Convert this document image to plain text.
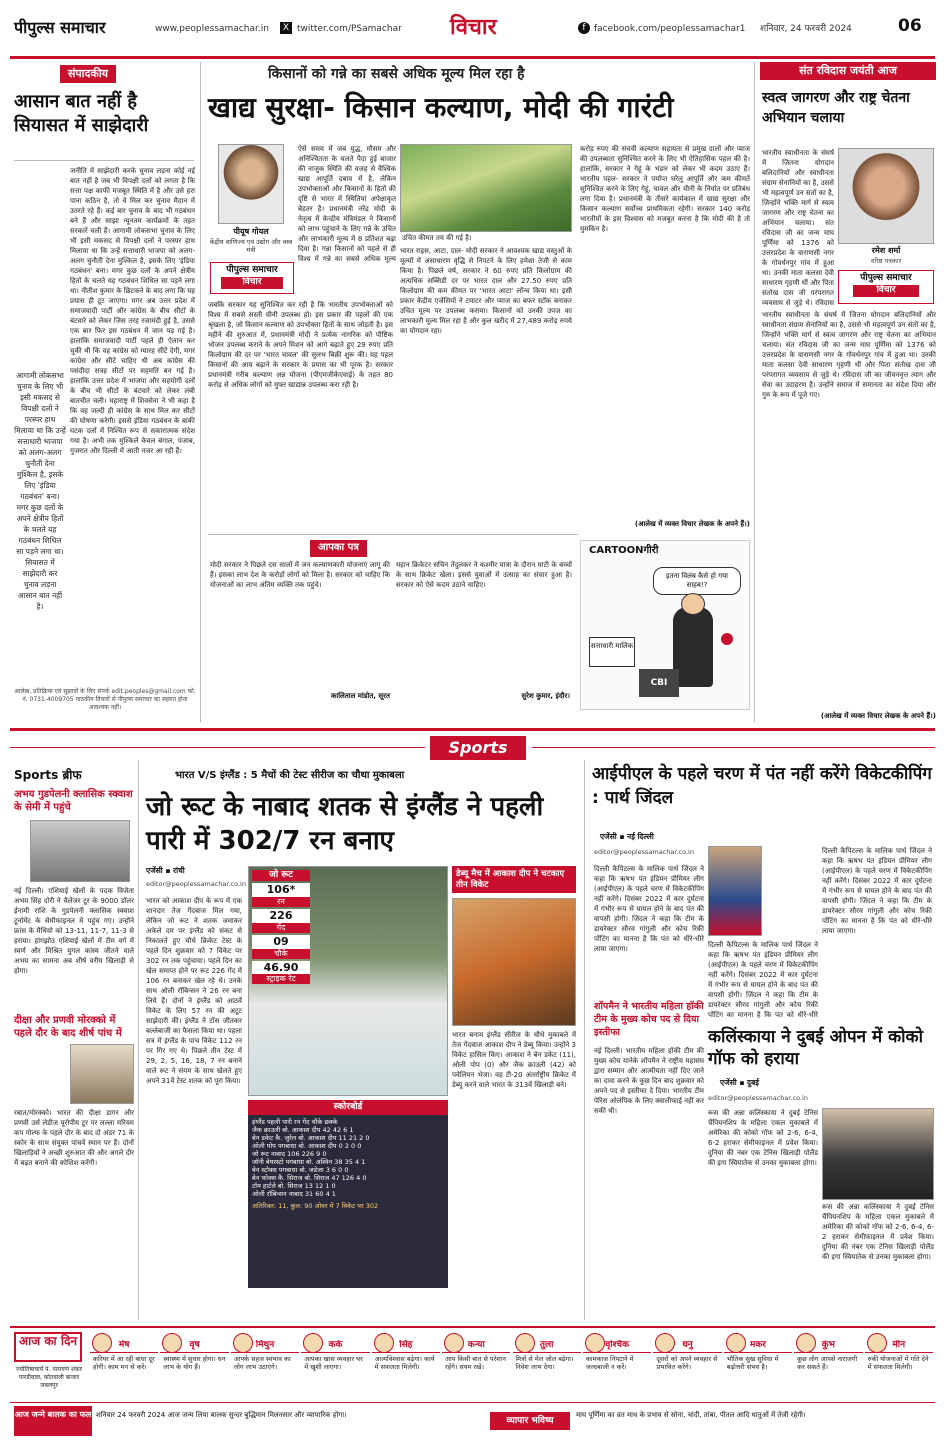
पीपुल्स समाचार	www.peoplessamachar.in	X twitter.com/PSamachar विचार	f facebook.com/peoplessamachar1 शनिवार, 24 फरवरी 2024	06
संपादकीय
आसान बात नहीं है सियासत में साझेदारी
जनीति में साझेदारी करके चुनाव लड़ना कोई नई बात नहीं है जब भी विपक्षी दलों को लगता है कि सत्ता पक्ष काफी मजबूत स्थिति में है और उसे हरा पाना कठिन है, तो वे मिल कर चुनाव मैदान में उतरते रहे हैं। कई बार चुनाव के बाद भी गठबंधन बने हैं और साझा न्यूनतम कार्यक्रमों के तहत सरकारें चली हैं। आगामी लोकसभा चुनाव के लिए भी इसी मकसद से विपक्षी दलों ने परस्पर हाथ मिलाया था कि उन्हें सत्ताधारी भाजपा को अलग-अलग चुनौती देना मुश्किल है, इसके लिए 'इंडिया गठबंधन' बना। मगर कुछ दलों के अपने क्षेत्रीय हितों के चलते यह गठबंधन शिथिल सा पड़ने लगा था। नीतीश कुमार के छिटकने के बाद लगा कि यह प्रयास ही टूट जाएगा। मगर अब उत्तर प्रदेश में समाजवादी पार्टी और कांग्रेस के बीच सीटों के बंटवारे को लेकर जिस तरह रजामंदी हुई है, उससे एक बार फिर इस गठबंधन में जान पड़ गई है। हालांकि समाजवादी पार्टी पहले ही ऐलान कर चुकी थी कि वह कांग्रेस को ग्यारह सीटें देगी, मगर कांग्रेस और सीटें चाहिए थी अब कांग्रेस की पसंदीदा सत्रह सीटों पर सहमति बन गई है। हालांकि उत्तर प्रदेश में भाजपा और सहयोगी दलों के बीच भी सीटों के बंटवारे को लेकर लंबी बातचीत चली। महाराष्ट्र में शिवसेना ने भी कहा है कि वह जल्दी ही कांग्रेस के साथ मिल कर सीटों की घोषणा करेगी। इससे इंडिया गठबंधन के बाकी घटक दलों में निश्चित रूप से सकारात्मक संदेश गया है। अभी तक मुश्किलें केवल बंगाल, पंजाब, गुजरात और दिल्ली में आती नजर आ रही हैं।
आगामी लोकसभा चुनाव के लिए भी इसी मकसद से विपक्षी दलों ने परस्पर हाथ मिलाया था कि उन्हें सत्ताधारी भाजपा को अलग-अलग चुनौती देना मुश्किल है, इसके लिए 'इंडिया गठबंधन' बना। मगर कुछ दलों के अपने क्षेत्रीय हितों के चलते यह गठबंधन शिथिल सा पड़ने लगा था। सियासत में साझेदारी कर चुनाव लड़ना आसान बात नहीं है।
आलेख, प्रतिक्रिया एवं सुझावों के लिए संपर्क edit.peoples@gmail.com फो. नं. 0731-4009705 पाठकीय विचारों से पीपुल्स समाचार का सहमत होना आवश्यक नहीं।
किसानों को गन्ने का सबसे अधिक मूल्य मिल रहा है
खाद्य सुरक्षा- किसान कल्याण, मोदी की गारंटी
पीयूष गोयल
केंद्रीय वाणिज्य एवं उद्योग और वस्त्र मंत्री
पीपुल्स समाचार
विचार
ऐसे समय में जब युद्ध, मौसम और अनिश्चितता के चलते पैदा हुई बाजार की नाजुक स्थिति की वजह से वैश्विक खाद्य आपूर्ति दबाव में है, लेकिन उपभोक्ताओं और किसानों के हितों की दृष्टि से भारत में स्थितियां अपेक्षाकृत बेहतर है। प्रधानमंत्री नरेंद्र मोदी के नेतृत्व में केन्द्रीय मंत्रिमंडल ने किसानों को लाभ पहुंचाने के लिए गन्ने के उचित और लाभकारी मूल्य में 8 प्रतिशत बढ़ा दिया है। गन्ना किसानों को पहले से ही विश्व में गन्ने का सबसे अधिक मूल्य
उचित कीमत तय की गई है।
जबकि सरकार यह सुनिश्चित कर रही है कि भारतीय उपभोक्ताओं को विश्व में सबसे सस्ती चीनी उपलब्ध हो। इस प्रकार की पहलों की एक श्रृंखला है, जो किसान कल्याण को उपभोक्ता हितों के साथ जोड़ती है। इस महीने की शुरुआत में, प्रधानमंत्री मोदी ने प्रत्येक नागरिक को पौष्टिक भोजन उपलब्ध कराने के अपने मिशन को आगे बढ़ाते हुए 29 रुपए प्रति किलोग्राम की दर पर 'भारत चावल' की सुलभ बिक्री शुरू की। यह पहल किसानों की आय बढ़ाने के सरकार के प्रयास का भी पूरक है। सरकार प्रधानमंत्री गरीब कल्याण अन्न योजना (पीएमजीकेएवाई) के तहत 80 करोड़ से अधिक लोगों को मुफ्त खाद्यान्न उपलब्ध करा रही है।
भारत राइस, आटा, दाल- मोदी सरकार ने आवश्यक खाद्य वस्तुओं के मूल्यों में असाधारण वृद्धि से निपटने के लिए हमेशा तेजी से काम किया है। पिछले वर्ष, सरकार ने 60 रुपए प्रति किलोग्राम की अत्यधिक सब्सिडी दर पर भारत दाल और 27.50 रुपए प्रति किलोग्राम की कम कीमत पर 'भारत आटा' लॉन्च किया था। इसी प्रकार केंद्रीय एजेंसियों ने टमाटर और प्याज का बफर स्टॉक बनाकर उचित मूल्य पर उपलब्ध कराया। किसानों को उनकी उपज का लाभकारी मूल्य मिल रहा है और कुल खरीद में 27,489 करोड़ रुपये का योगदान रहा।
करोड़ रुपए की संचयी कल्याण सहायता से प्रमुख दालों और प्याज की उपलब्धता सुनिश्चित करने के लिए भी ऐतिहासिक पहल की है। हालांकि, सरकार ने गेहूं के भंडार को लेकर भी कदम उठाए हैं। भारतीय पहल- सरकार ने पर्याप्त घरेलू आपूर्ति और कम कीमतें सुनिश्चित करने के लिए गेहूं, चावल और चीनी के निर्यात पर प्रतिबंध लगा दिया है। प्रधानमंत्री के तीसरे कार्यकाल में खाद्य सुरक्षा और किसान कल्याण सर्वोच्च प्राथमिकता रहेगी। सरकार 140 करोड़ भारतीयों के इस विश्वास को मजबूत करना है कि मोदी की है तो मुमकिन है।
(आलेख में व्यक्त विचार लेखक के अपने हैं।)
आपका पत्र
मोदी सरकार ने पिछले दस सालों में जन कल्याणकारी योजनाएं लागू की हैं। इसका लाभ देश के करोड़ों लोगों को मिला है। सरकार को चाहिए कि योजनाओं का लाभ अंतिम व्यक्ति तक पहुंचे।
कालिताल मांडोत, सूरत
महान क्रिकेटर सचिन तेंदुलकर ने कश्मीर यात्रा के दौरान घाटी के बच्चों के साथ क्रिकेट खेला। इससे युवाओं में उत्साह का संचार हुआ है। सरकार को ऐसे कदम उठाने चाहिए।
सुरेश कुमार, इंदौर।
CARTOONगीरी
इतना विलंब कैसे हो गया साहब!?
सत्ताधारी मालिक
CBI
संत रविदास जयंती आज
स्वत्व जागरण और राष्ट्र चेतना अभियान चलाया
रमेश शर्मा
वरिष्ठ पत्रकार
पीपुल्स समाचार
विचार
भारतीय स्वाधीनता के संघर्ष में जितना योगदान बलिदानियों और स्वाधीनता संग्राम सेनानियों का है, उससे भी महत्वपूर्ण उन संतों का है, जिन्होंने भक्ति मार्ग से स्वत्व जागरण और राष्ट्र चेतना का अभियान चलाया। संत रविदास जी का जन्म माघ पूर्णिमा को 1376 को उत्तरप्रदेश के वाराणसी नगर के गोवर्धनपुर गांव में हुआ था। उनकी माता कलसा देवी साधारण गृहणी थीं और पिता संतोख दास जी परंपरागत व्यवसाय से जुड़े थे। रविदास
भारतीय स्वाधीनता के संघर्ष में जितना योगदान बलिदानियों और स्वाधीनता संग्राम सेनानियों का है, उससे भी महत्वपूर्ण उन संतों का है, जिन्होंने भक्ति मार्ग से स्वत्व जागरण और राष्ट्र चेतना का अभियान चलाया। संत रविदास जी का जन्म माघ पूर्णिमा को 1376 को उत्तरप्रदेश के वाराणसी नगर के गोवर्धनपुर गांव में हुआ था। उनकी माता कलसा देवी साधारण गृहणी थीं और पिता संतोख दास जी परंपरागत व्यवसाय से जुड़े थे। रविदास जी का जीवनवृत्त त्याग और सेवा का उदाहरण है। उन्होंने समाज में समानता का संदेश दिया और गुरु के रूप में पूजे गए।
(आलेख में व्यक्त विचार लेखक के अपने हैं।)
Sports
Sports ब्रीफ
अभय गुडपेलनी क्लासिक स्क्वाश के सेमी में पहुंचे
नई दिल्ली। एशियाई खेलों के पदक विजेता अभय सिंह दोरी ने चैलेंजर टूर के 9000 डॉलर ईनामी राशि के गुडपेलनी क्लासिक स्क्वाश टूर्नामेंट के सेमीफाइनल में पहुंच गए। उन्होंने फ्रांस के मैथियो को 13-11, 11-7, 11-3 से हराया। हांगझोउ एशियाई खेलों में टीम वर्ग में स्वर्ण और मिश्रित युगल कांस्य जीतने वाले अभय का सामना अब शीर्ष वरीय खिलाड़ी से होगा।
दीक्षा और प्रणवी मोरक्को में पहले दौर के बाद शीर्ष पांच में
रबात/मोरक्को। भारत की दीक्षा डागर और प्रणवी उर्स लेडीज यूरोपीय टूर पर लल्ला मरियम कप गोल्फ के पहले दौर के बाद दो अंडर 71 के स्कोर के साथ संयुक्त पांचवें स्थान पर हैं। दोनों खिलाड़ियों ने अच्छी शुरुआत की और अगले दौर में बढ़त बनाने की कोशिश करेंगी।
भारत V/S इंग्लैंड : 5 मैचों की टेस्ट सीरीज का चौथा मुकाबला
जो रूट के नाबाद शतक से इंग्लैंड ने पहली पारी में 302/7 रन बनाए
एजेंसी ▪ रांची
editor@peoplessamachar.co.in
भारत को आकाश दीप के रूप में एक शानदार तेज गेंदबाज मिल गया, लेकिन जो रूट ने शतक जमाकर अकेले दम पर इंग्लैंड को संकट से निकालते हुए चौथे क्रिकेट टेस्ट के पहले दिन शुक्रवार को 7 विकेट पर 302 रन तक पहुंचाया। पहले दिन का खेल समाप्त होने पर रूट 226 गेंद में 106 रन बनाकर खेल रहे थे। उनके साथ ओली रॉबिन्सन ने 26 रन बना लिये हैं। दोनों ने इंग्लैंड को आठवें विकेट के लिए 57 रन की अटूट साझेदारी की। इंग्लैंड ने टॉस जीतकर बल्लेबाजी का फैसला किया था। पहला सत्र में इंग्लैंड के पांच विकेट 112 रन पर गिर गए थे। पिछले तीन टेस्ट में 29, 2, 5, 16, 18, 7 रन बनाने वाले रूट ने संयम के साथ खेलते हुए अपने 31वें टेस्ट शतक को पूरा किया।
जो रूट
106*
रन
226
गेंद
09
चौके
46.90
स्ट्राइक रेट
डेब्यू मैच में आकाश दीप ने चटकाए तीन विकेट
भारत बनाम इंग्लैंड सीरीज के चौथे मुकाबले में तेज गेंदबाज आकाश दीप ने डेब्यू किया। उन्होंने 3 विकेट हासिल किए। आकाश ने बेन डकेट (11), ओली पोप (0) और जैक क्राउली (42) को पवेलियन भेजा। वह टी-20 अंतर्राष्ट्रीय क्रिकेट में डेब्यू करने वाले भारत के 313वें खिलाड़ी बने।
स्कोरबोर्ड
इंग्लैंड पहली पारी रन गेंद चौके छक्के
जैक क्राउली बो. आकाश दीप 42 42 6 1
बेन डकेट कै. जुरेल बो. आकाश दीप 11 21 2 0
ओली पोप पगबाधा बो. आकाश दीप 0 2 0 0
जो रूट नाबाद 106 226 9 0
जॉनी बेयरस्टो पगबाधा बो. अश्विन 38 35 4 1
बेन स्टोक्स पगबाधा बो. जडेजा 3 6 0 0
बेन फोक्स कै. सिराज बो. सिराज 47 126 4 0
टॉम हार्टले बो. सिराज 13 12 1 0
ओली रॉबिन्सन नाबाद 31 60 4 1
अतिरिक्त: 11, कुल: 90 ओवर में 7 विकेट पर 302
आईपीएल के पहले चरण में पंत नहीं करेंगे विकेटकीपिंग : पार्थ जिंदल
एजेंसी ▪ नई दिल्ली
editor@peoplessamachar.co.in
दिल्ली कैपिटल्स के मालिक पार्थ जिंदल ने कहा कि ऋषभ पंत इंडियन प्रीमियर लीग (आईपीएल) के पहले चरण में विकेटकीपिंग नहीं करेंगे। दिसंबर 2022 में कार दुर्घटना में गंभीर रूप से घायल होने के बाद पंत की वापसी होगी। जिंदल ने कहा कि टीम के डायरेक्टर सौरव गांगुली और कोच रिकी पोंटिंग का मानना है कि पंत को धीरे-धीरे लाया जाएगा।	दिल्ली कैपिटल्स के मालिक पार्थ जिंदल ने कहा कि ऋषभ पंत इंडियन प्रीमियर लीग (आईपीएल) के पहले चरण में विकेटकीपिंग नहीं करेंगे। दिसंबर 2022 में कार दुर्घटना में गंभीर रूप से घायल होने के बाद पंत की वापसी होगी। जिंदल ने कहा कि टीम के डायरेक्टर सौरव गांगुली और कोच रिकी पोंटिंग का मानना है कि पंत को धीरे-धीरे
दिल्ली कैपिटल्स के मालिक पार्थ जिंदल ने कहा कि ऋषभ पंत इंडियन प्रीमियर लीग (आईपीएल) के पहले चरण में विकेटकीपिंग नहीं करेंगे। दिसंबर 2022 में कार दुर्घटना में गंभीर रूप से घायल होने के बाद पंत की वापसी होगी। जिंदल ने कहा कि टीम के डायरेक्टर सौरव गांगुली और कोच रिकी पोंटिंग का मानना है कि पंत को धीरे-धीरे लाया जाएगा।
शॉपमैन ने भारतीय महिला हॉकी टीम के मुख्य कोच पद से दिया इस्तीफा
नई दिल्ली। भारतीय महिला हॉकी टीम की मुख्य कोच यानेके शॉपमैन ने राष्ट्रीय महासंघ द्वारा सम्मान और आत्मीयता नहीं दिए जाने का दावा करने के कुछ दिन बाद शुक्रवार को अपने पद से इस्तीफा दे दिया। भारतीय टीम पेरिस ओलंपिक के लिए क्वालीफाई नहीं कर सकी थी।
कलिंस्काया ने दुबई ओपन में कोको गॉफ को हराया
एजेंसी ▪ दुबई
editor@peoplessamachar.co.in
रूस की अन्ना कलिंस्काया ने दुबई टेनिस चैंपियनशिप के महिला एकल मुकाबले में अमेरिका की कोको गॉफ को 2-6, 6-4, 6-2 हराकर सेमीफाइनल में प्रवेश किया। दुनिया की नंबर एक टेनिस खिलाड़ी पोलैंड की इगा स्वियातेक से उनका मुकाबला होगा।
रूस की अन्ना कलिंस्काया ने दुबई टेनिस चैंपियनशिप के महिला एकल मुकाबले में अमेरिका की कोको गॉफ को 2-6, 6-4, 6-2 हराकर सेमीफाइनल में प्रवेश किया। दुनिया की नंबर एक टेनिस खिलाड़ी पोलैंड की इगा स्वियातेक से उनका मुकाबला होगा।
आज का दिन
ज्योतिषाचार्य पं. नारायण शंकर पारडीवाल, कोतवाली बाजार जबलपुर
मेष
करियर में आ रही बाधा दूर होगी। काम मन से करें।
वृष
स्वास्थ्य में सुधार होगा। धन लाभ के योग हैं।
मिथुन
आपके सहज स्वभाव का लोग लाभ उठाएंगे।
कर्क
आपका खास व्यवहार घर में खुशी लाएगा।
सिंह
आत्मविश्वास बढ़ेगा। कार्य में सफलता मिलेगी।
कन्या
आप किसी बात से परेशान रहेंगे। संयम रखें।
तुला
मित्रों से मेल जोल बढ़ेगा। निवेश लाभ देगा।
वृश्चिक
कामकाज निपटाने में जल्दबाजी न करें।
धनु
दूसरों को अपने व्यवहार से प्रभावित करेंगे।
मकर
भौतिक सुख सुविधा में बढ़ोत्तरी संभव है।
कुंभ
कुछ लोग आपसे नाराजगी कर सकते हैं।
मीन
रुकी योजनाओं में गति देने में सफलता मिलेगी।
आज जन्मे बालक का फल शनिवार 24 फरवरी 2024 आज जन्म लिया बालक सुन्दर बुद्धिमान मिलनसार और व्यापारिक होगा।
व्यापार भविष्य
माघ पूर्णिमा का व्रत माध के प्रभाव से सोना, चांदी, तांबा, पीतल आदि धातुओं में तेजी रहेगी।
